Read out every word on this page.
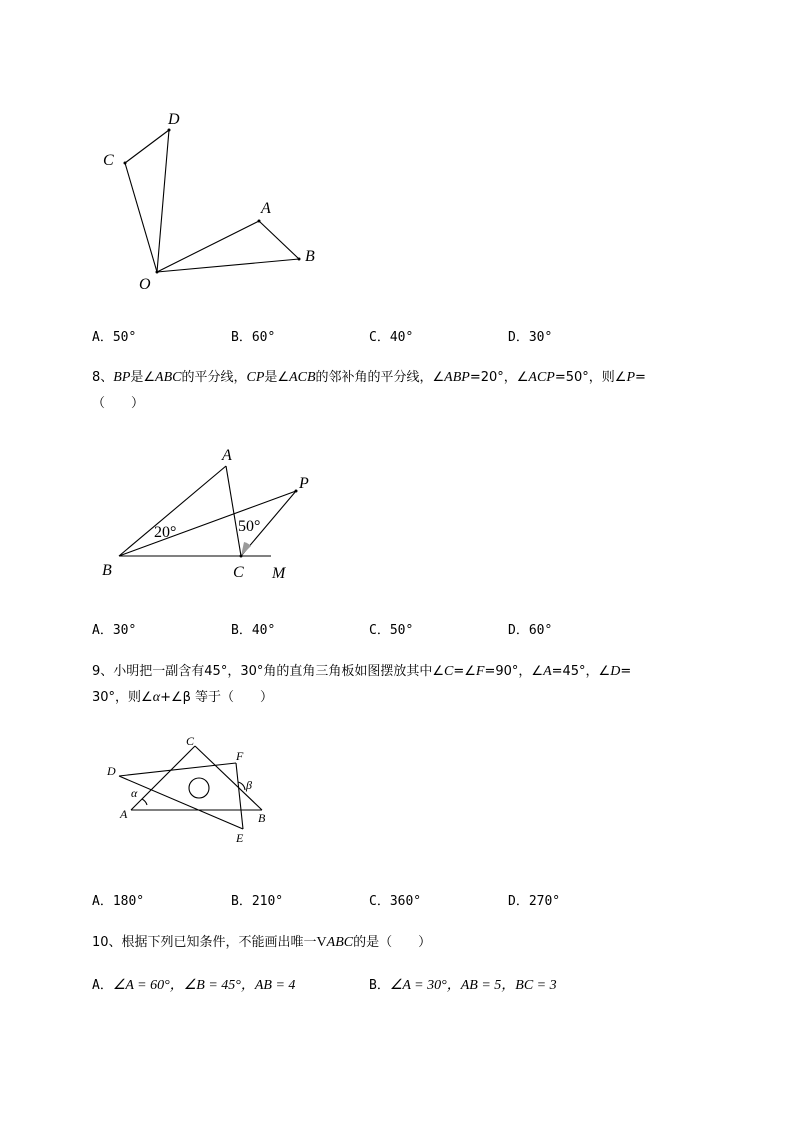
C
D
A
B
O
A．50°	B．60°	C．40°	D．30°
8、BP是∠ABC的平分线，CP是∠ACB的邻补角的平分线，∠ABP=20°，∠ACP=50°，则∠P=
（　　）
A
P
B	C M
20°	50°
A．30°	B．40°	C．50°	D．60°
9、小明把一副含有45°，30°角的直角三角板如图摆放其中∠C=∠F=90°，∠A=45°，∠D=
30°，则∠α+∠β 等于（　　）
C
D
F
A	B
E
α
β
A．180°	B．210°	C．360°	D．270°
10、根据下列已知条件，不能画出唯一VABC的是（　　）
A．∠A = 60°，∠B = 45°，AB = 4	B．∠A = 30°，AB = 5，BC = 3
